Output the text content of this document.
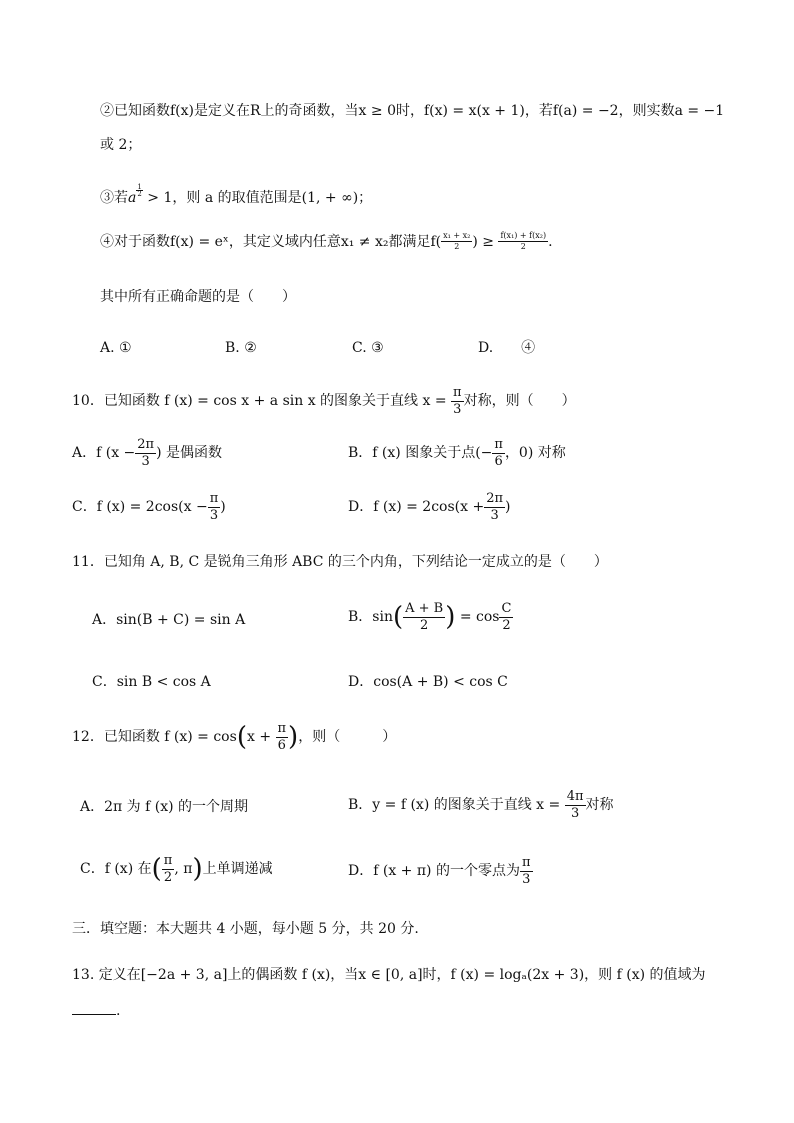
②已知函数f(x)是定义在R上的奇函数，当x ≥ 0时，f(x) = x(x + 1)，若f(a) = −2，则实数a = −1
或 2；
③若a $\frac{1}{2} > 1$，则 a 的取值范围是(1, + ∞)；
④对于函数f(x) = eˣ，其定义域内任意x₁ ≠ x₂都满足$f( \frac{\text{x₁ + x₂}}{2}$ ) ≥ $\frac{\text{f(x₁) + f(x₂)}}{2}$ .
其中所有正确命题的是（　　）
A. ①	B. ②	C. ③	D.　　④
10．已知函数 f (x) = cos x + a sin x 的图象关于直线 $x = \frac{\pi}{3}$ 对称，则（　　）
A．f ($x - \frac{2\pi}{3}$ ) 是偶函数	B．f (x) 图象关于点(− $\frac{\pi}{6}$ ，0) 对称
C．f $(x) = 2\cos(x - \frac{\pi}{3}$ )	D．f $(x) = 2\cos(x + \frac{2\pi}{3}$ )
11．已知角 A, B, C 是锐角三角形 ABC 的三个内角，下列结论一定成立的是（　　）
A．sin(B + C) = sin A	B．$\sin( \frac{A + B}{2}$ ) = $\cos \frac{C}{2}$
C．sin B < cos A	D．cos(A + B) < cos C
12．已知函数 f $(x) = \cos(x + \frac{\pi}{6}$ )，则（　　　）
A．2π 为 f (x) 的一个周期	B．y = f (x) 的图象关于直线 $x = \frac{4\pi}{3}$ 对称
C．f (x) 在( $\frac{\pi}{2}$ , π)上单调递减	D．f (x + π) 的一个零点为 $\frac{\pi}{3}$
三．填空题：本大题共 4 小题，每小题 5 分，共 20 分.
13. 定义在[−2a + 3, a]上的偶函数 f (x)，当x ∈ [0, a]时，f (x) = logₐ(2x + 3)，则 f (x) 的值域为
.
